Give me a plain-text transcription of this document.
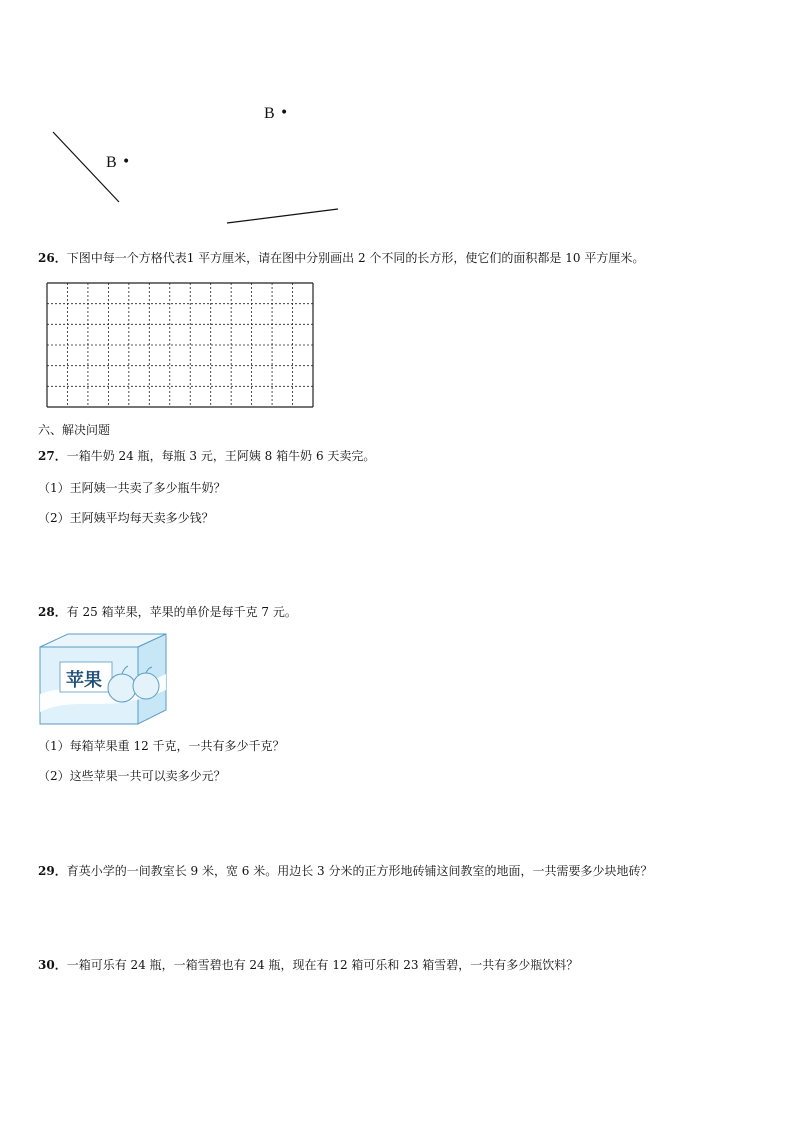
B •
B •
26．下图中每一个方格代表1 平方厘米，请在图中分别画出 2 个不同的长方形，使它们的面积都是 10 平方厘米。
六、解决问题
27．一箱牛奶 24 瓶，每瓶 3 元，王阿姨 8 箱牛奶 6 天卖完。
（1）王阿姨一共卖了多少瓶牛奶？
（2）王阿姨平均每天卖多少钱？
28．有 25 箱苹果，苹果的单价是每千克 7 元。
苹果
（1）每箱苹果重 12 千克，一共有多少千克？
（2）这些苹果一共可以卖多少元？
29．育英小学的一间教室长 9 米，宽 6 米。用边长 3 分米的正方形地砖铺这间教室的地面，一共需要多少块地砖？
30．一箱可乐有 24 瓶，一箱雪碧也有 24 瓶，现在有 12 箱可乐和 23 箱雪碧，一共有多少瓶饮料？
